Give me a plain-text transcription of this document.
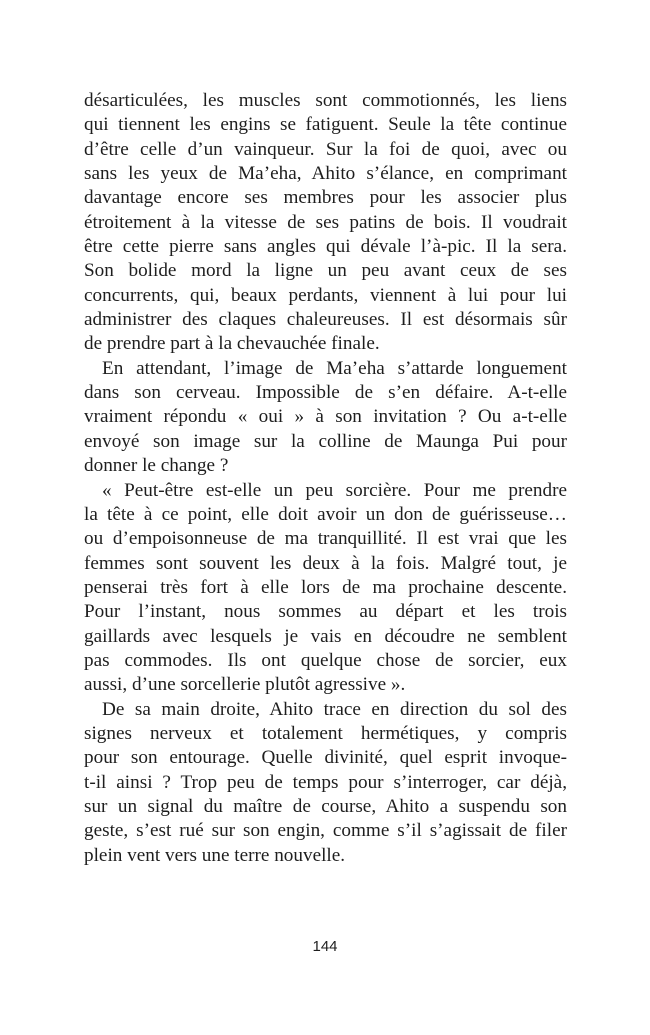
désarticulées, les muscles sont commotionnés, les liens
qui tiennent les engins se fatiguent. Seule la tête continue
d’être celle d’un vainqueur. Sur la foi de quoi, avec ou
sans les yeux de Ma’eha, Ahito s’élance, en comprimant
davantage encore ses membres pour les associer plus
étroitement à la vitesse de ses patins de bois. Il voudrait
être cette pierre sans angles qui dévale l’à-pic. Il la sera.
Son bolide mord la ligne un peu avant ceux de ses
concurrents, qui, beaux perdants, viennent à lui pour lui
administrer des claques chaleureuses. Il est désormais sûr
de prendre part à la chevauchée finale.
En attendant, l’image de Ma’eha s’attarde longuement
dans son cerveau. Impossible de s’en défaire. A-t-elle
vraiment répondu « oui » à son invitation ? Ou a-t-elle
envoyé son image sur la colline de Maunga Pui pour
donner le change ?
« Peut-être est-elle un peu sorcière. Pour me prendre
la tête à ce point, elle doit avoir un don de guérisseuse…
ou d’empoisonneuse de ma tranquillité. Il est vrai que les
femmes sont souvent les deux à la fois. Malgré tout, je
penserai très fort à elle lors de ma prochaine descente.
Pour l’instant, nous sommes au départ et les trois
gaillards avec lesquels je vais en découdre ne semblent
pas commodes. Ils ont quelque chose de sorcier, eux
aussi, d’une sorcellerie plutôt agressive ».
De sa main droite, Ahito trace en direction du sol des
signes nerveux et totalement hermétiques, y compris
pour son entourage. Quelle divinité, quel esprit invoque-
t-il ainsi ? Trop peu de temps pour s’interroger, car déjà,
sur un signal du maître de course, Ahito a suspendu son
geste, s’est rué sur son engin, comme s’il s’agissait de filer
plein vent vers une terre nouvelle.
144
